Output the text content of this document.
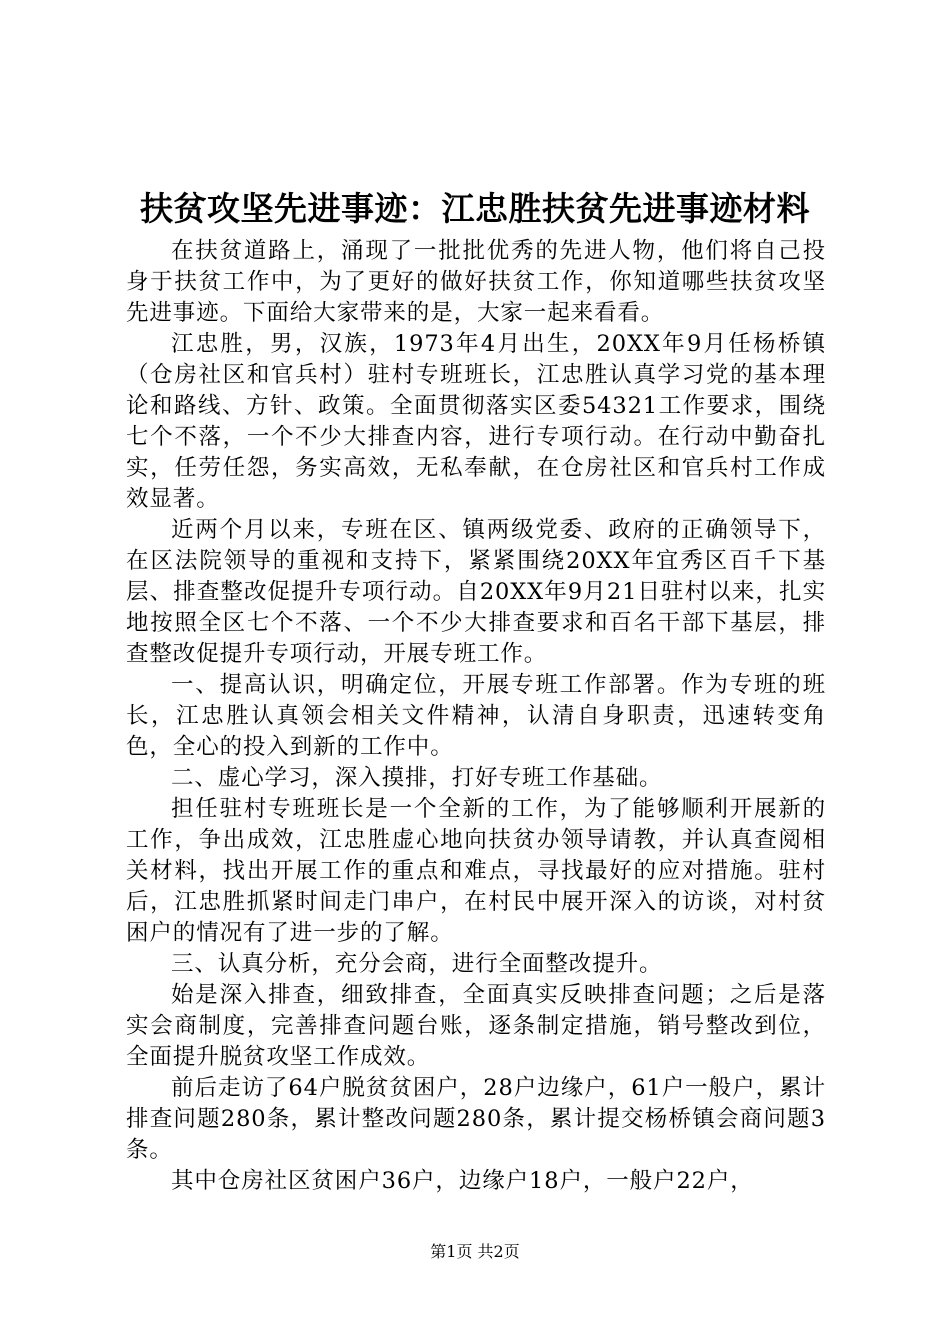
扶贫攻坚先进事迹：江忠胜扶贫先进事迹材料

在扶贫道路上，涌现了一批批优秀的先进人物，他们将自己投身于扶贫工作中，为了更好的做好扶贫工作，你知道哪些扶贫攻坚先进事迹。下面给大家带来的是，大家一起来看看。

江忠胜，男，汉族，1973年4月出生，20XX年9月任杨桥镇（仓房社区和官兵村）驻村专班班长，江忠胜认真学习党的基本理论和路线、方针、政策。全面贯彻落实区委54321工作要求，围绕七个不落，一个不少大排查内容，进行专项行动。在行动中勤奋扎实，任劳任怨，务实高效，无私奉献，在仓房社区和官兵村工作成效显著。

近两个月以来，专班在区、镇两级党委、政府的正确领导下，在区法院领导的重视和支持下，紧紧围绕20XX年宜秀区百千下基层、排查整改促提升专项行动。自20XX年9月21日驻村以来，扎实地按照全区七个不落、一个不少大排查要求和百名干部下基层，排查整改促提升专项行动，开展专班工作。

一、提高认识，明确定位，开展专班工作部署。作为专班的班长，江忠胜认真领会相关文件精神，认清自身职责，迅速转变角色，全心的投入到新的工作中。

二、虚心学习，深入摸排，打好专班工作基础。

担任驻村专班班长是一个全新的工作，为了能够顺利开展新的工作，争出成效，江忠胜虚心地向扶贫办领导请教，并认真查阅相关材料，找出开展工作的重点和难点，寻找最好的应对措施。驻村后，江忠胜抓紧时间走门串户，在村民中展开深入的访谈，对村贫困户的情况有了进一步的了解。

三、认真分析，充分会商，进行全面整改提升。

始是深入排查，细致排查，全面真实反映排查问题；之后是落实会商制度，完善排查问题台账，逐条制定措施，销号整改到位，全面提升脱贫攻坚工作成效。

前后走访了64户脱贫贫困户，28户边缘户，61户一般户，累计排查问题280条，累计整改问题280条，累计提交杨桥镇会商问题3条。

其中仓房社区贫困户36户，边缘户18户，一般户22户，

第1页 共2页
